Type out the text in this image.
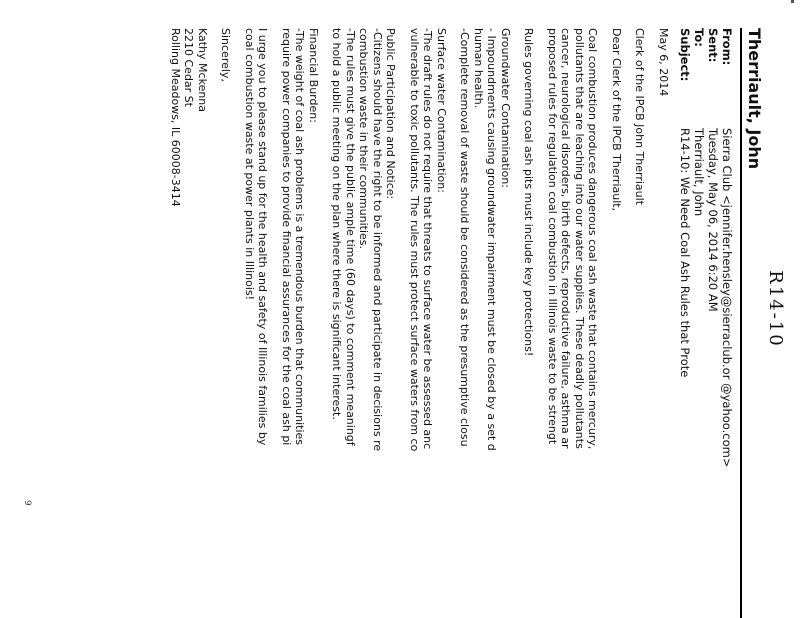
R14-10
Therriault, John
From:
Sierra Club <jennifer.hensley@sierraclub.or @yahoo.com>
Sent:
Tuesday, May 06, 2014 6:20 AM
To:
Therriault, John
Subject:
R14-10: We Need Coal Ash Rules that Prote

May 6, 2014

Clerk of the IPCB John Therriault

Dear Clerk of the IPCB Therriault,

Coal combustion produces dangerous coal ash waste that contains mercury,
pollutants that are leaching into our water supplies. These deadly pollutants
cancer, neurological disorders, birth defects, reproductive failure, asthma ar
proposed rules for regulation coal combustion in Illinois waste to be strengt

Rules governing coal ash pits must include key protections!

Groundwater Contamination:
- Impoundments causing groundwater impairment must be closed by a set d
human health.
-Complete removal of waste should be considered as the presumptive closu

Surface water Contamination:
-The draft rules do not require that threats to surface water be assessed anc
vulnerable to toxic pollutants. The rules must protect surface waters from co

Public Participation and Notice:
-Citizens should have the right to be informed and participate in decisions re
combustion waste in their communities.
-The rules must give the public ample time (60 days) to comment meaningf
to hold a public meeting on the plan where there is significant interest.

Financial Burden:
-The weight of coal ash problems is a tremendous burden that communities
require power companies to provide financial assurances for the coal ash pi

I urge you to please stand up for the health and safety of Illinois families by
coal combustion waste at power plants in Illinois!

Sincerely,

Kathy Mckenna
2210 Cedar St
Rolling Meadows, IL 60008-3414

9
